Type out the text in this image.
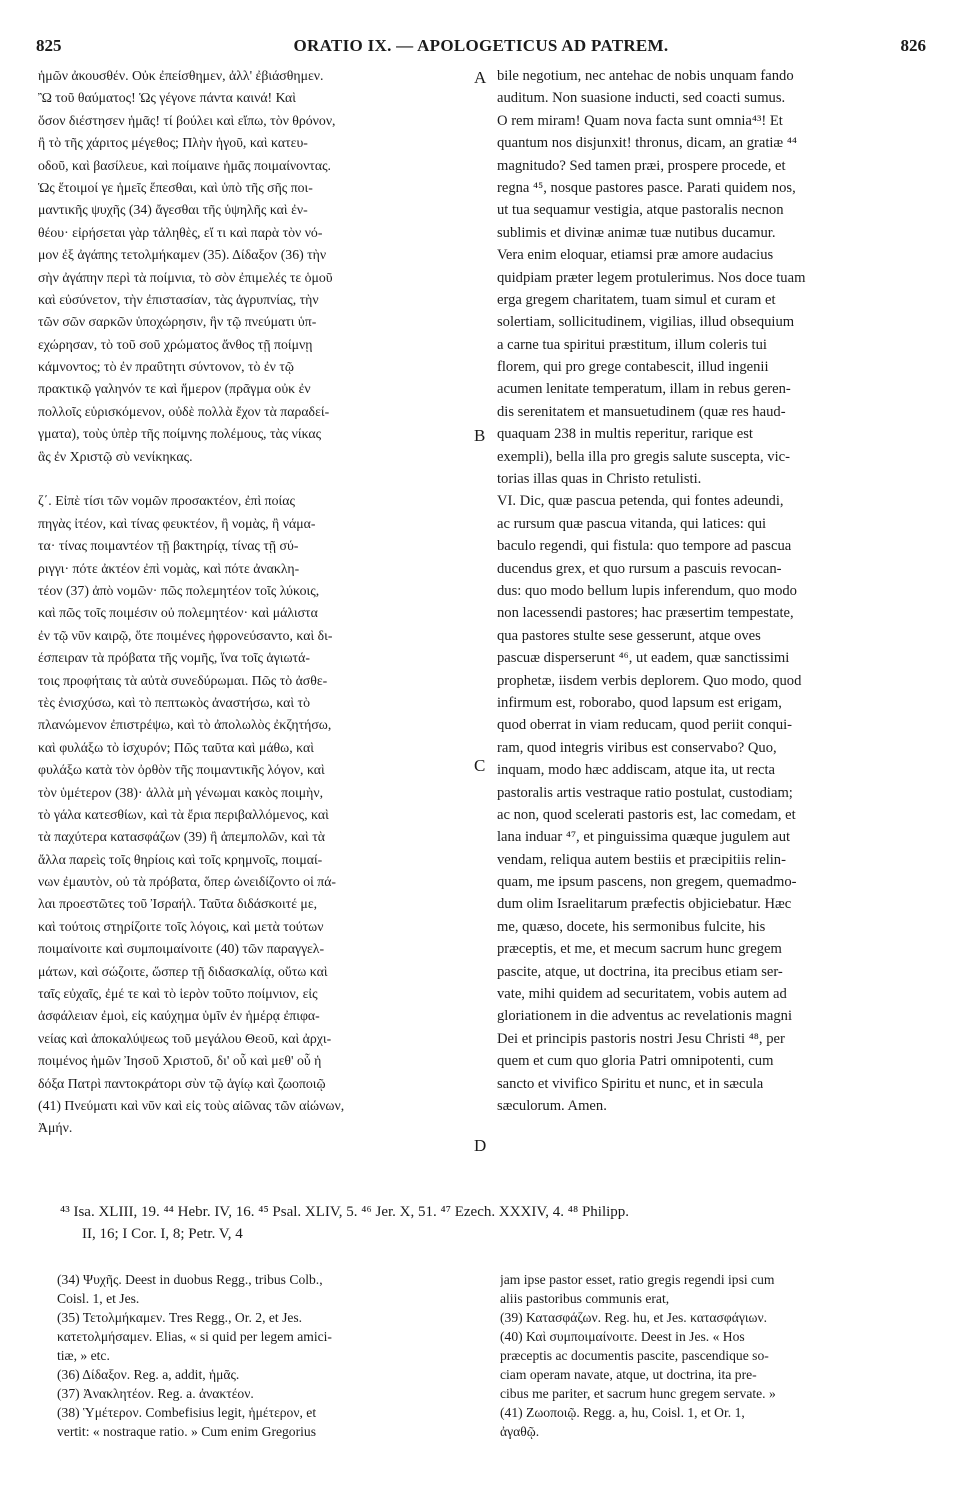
825	ORATIO IX. — APOLOGETICUS AD PATREM.	826
ἡμῶν ἀκουσθέν. Οὐκ ἐπείσθημεν, ἀλλ' ἐβιάσθημεν.
Ὢ τοῦ θαύματος! Ὡς γέγονε πάντα καινά! Καὶ
ὅσον διέστησεν ἡμᾶς! τί βούλει καὶ εἴπω, τὸν θρόνον,
ἢ τὸ τῆς χάριτος μέγεθος; Πλὴν ἡγοῦ, καὶ κατευ-
οδοῦ, καὶ βασίλευε, καὶ ποίμαινε ἡμᾶς ποιμαίνοντας.
Ὡς ἕτοιμοί γε ἡμεῖς ἕπεσθαι, καὶ ὑπὸ τῆς σῆς ποι-
μαντικῆς ψυχῆς (34) ἄγεσθαι τῆς ὑψηλῆς καὶ ἐν-
θέου· εἰρήσεται γὰρ τἀληθὲς, εἴ τι καὶ παρὰ τὸν νό-
μον ἐξ ἀγάπης τετολμήκαμεν (35). Δίδαξον (36) τὴν
σὴν ἀγάπην περὶ τὰ ποίμνια, τὸ σὸν ἐπιμελές τε ὁμοῦ
καὶ εὐσύνετον, τὴν ἐπιστασίαν, τὰς ἀγρυπνίας, τὴν
τῶν σῶν σαρκῶν ὑποχώρησιν, ἣν τῷ πνεύματι ὑπ-
εχώρησαν, τὸ τοῦ σοῦ χρώματος ἄνθος τῇ ποίμνῃ
κάμνοντος; τὸ ἐν πραΰτητι σύντονον, τὸ ἐν τῷ
πρακτικῷ γαληνόν τε καὶ ἥμερον (πρᾶγμα οὐκ ἐν
πολλοῖς εὑρισκόμενον, οὐδὲ πολλὰ ἔχον τὰ παραδεί-
γματα), τοὺς ὑπὲρ τῆς ποίμνης πολέμους, τὰς νίκας
ἃς ἐν Χριστῷ σὺ νενίκηκας.
ζ΄. Εἰπὲ τίσι τῶν νομῶν προσακτέον, ἐπὶ ποίας
πηγὰς ἰτέον, καὶ τίνας φευκτέον, ἢ νομὰς, ἢ νάμα-
τα· τίνας ποιμαντέον τῇ βακτηρίᾳ, τίνας τῇ σύ-
ριγγι· πότε ἀκτέον ἐπὶ νομὰς, καὶ πότε ἀνακλη-
τέον (37) ἀπὸ νομῶν· πῶς πολεμητέον τοῖς λύκοις,
καὶ πῶς τοῖς ποιμέσιν οὐ πολεμητέον· καὶ μάλιστα
ἐν τῷ νῦν καιρῷ, ὅτε ποιμένες ἠφρονεύσαντο, καὶ δι-
έσπειραν τὰ πρόβατα τῆς νομῆς, ἵνα τοῖς ἁγιωτά-
τοις προφήταις τὰ αὐτὰ συνεδύρωμαι. Πῶς τὸ ἀσθε-
τὲς ἐνισχύσω, καὶ τὸ πεπτωκὸς ἀναστήσω, καὶ τὸ
πλανώμενον ἐπιστρέψω, καὶ τὸ ἀπολωλὸς ἐκζητήσω,
καὶ φυλάξω τὸ ἰσχυρόν; Πῶς ταῦτα καὶ μάθω, καὶ
φυλάξω κατὰ τὸν ὀρθὸν τῆς ποιμαντικῆς λόγον, καὶ
τὸν ὑμέτερον (38)· ἀλλὰ μὴ γένωμαι κακὸς ποιμὴν,
τὸ γάλα κατεσθίων, καὶ τὰ ἔρια περιβαλλόμενος, καὶ
τὰ παχύτερα κατασφάζων (39) ἢ ἀπεμπολῶν, καὶ τὰ
ἄλλα παρεὶς τοῖς θηρίοις καὶ τοῖς κρημνοῖς, ποιμαί-
νων ἐμαυτὸν, οὐ τὰ πρόβατα, ὅπερ ὠνειδίζοντο οἱ πά-
λαι προεστῶτες τοῦ Ἰσραήλ. Ταῦτα διδάσκοιτέ με,
καὶ τούτοις στηρίζοιτε τοῖς λόγοις, καὶ μετὰ τούτων
ποιμαίνοιτε καὶ συμποιμαίνοιτε (40) τῶν παραγγελ-
μάτων, καὶ σώζοιτε, ὥσπερ τῇ διδασκαλίᾳ, οὕτω καὶ
ταῖς εὐχαῖς, ἐμέ τε καὶ τὸ ἱερὸν τοῦτο ποίμνιον, εἰς
ἀσφάλειαν ἐμοὶ, εἰς καύχημα ὑμῖν ἐν ἡμέρᾳ ἐπιφα-
νείας καὶ ἀποκαλύψεως τοῦ μεγάλου Θεοῦ, καὶ ἀρχι-
ποιμένος ἡμῶν Ἰησοῦ Χριστοῦ, δι' οὗ καὶ μεθ' οὗ ἡ
δόξα Πατρὶ παντοκράτορι σὺν τῷ ἁγίῳ καὶ ζωοποιῷ
(41) Πνεύματι καὶ νῦν καὶ εἰς τοὺς αἰῶνας τῶν αἰώνων,
Ἀμήν.
bile negotium, nec antehac de nobis unquam fando
auditum. Non suasione inducti, sed coacti sumus.
O rem miram! Quam nova facta sunt omnia⁴³! Et
quantum nos disjunxit! thronus, dicam, an gratiæ ⁴⁴
magnitudo? Sed tamen præi, prospere procede, et
regna ⁴⁵, nosque pastores pasce. Parati quidem nos,
ut tua sequamur vestigia, atque pastoralis necnon
sublimis et divinæ animæ tuæ nutibus ducamur.
Vera enim eloquar, etiamsi præ amore audacius
quidpiam præter legem protulerimus. Nos doce tuam
erga gregem charitatem, tuam simul et curam et
solertiam, sollicitudinem, vigilias, illud obsequium
a carne tua spiritui præstitum, illum coleris tui
florem, qui pro grege contabescit, illud ingenii
acumen lenitate temperatum, illam in rebus geren-
dis serenitatem et mansuetudinem (quæ res haud-
quaquam 238 in multis reperitur, rarique est
exempli), bella illa pro gregis salute suscepta, vic-
torias illas quas in Christo retulisti.
VI. Dic, quæ pascua petenda, qui fontes adeundi,
ac rursum quæ pascua vitanda, qui latices: qui
baculo regendi, qui fistula: quo tempore ad pascua
ducendus grex, et quo rursum a pascuis revocan-
dus: quo modo bellum lupis inferendum, quo modo
non lacessendi pastores; hac præsertim tempestate,
qua pastores stulte sese gesserunt, atque oves
pascuæ disperserunt ⁴⁶, ut eadem, quæ sanctissimi
prophetæ, iisdem verbis deplorem. Quo modo, quod
infirmum est, roborabo, quod lapsum est erigam,
quod oberrat in viam reducam, quod periit conqui-
ram, quod integris viribus est conservabo? Quo,
inquam, modo hæc addiscam, atque ita, ut recta
pastoralis artis vestraque ratio postulat, custodiam;
ac non, quod scelerati pastoris est, lac comedam, et
lana induar ⁴⁷, et pinguissima quæque jugulem aut
vendam, reliqua autem bestiis et præcipitiis relin-
quam, me ipsum pascens, non gregem, quemadmo-
dum olim Israelitarum præfectis objiciebatur. Hæc
me, quæso, docete, his sermonibus fulcite, his
præceptis, et me, et mecum sacrum hunc gregem
pascite, atque, ut doctrina, ita precibus etiam ser-
vate, mihi quidem ad securitatem, vobis autem ad
gloriationem in die adventus ac revelationis magni
Dei et principis pastoris nostri Jesu Christi ⁴⁸, per
quem et cum quo gloria Patri omnipotenti, cum
sancto et vivifico Spiritu et nunc, et in sæcula
sæculorum. Amen.
A
B
C
D
⁴³ Isa. XLIII, 19. ⁴⁴ Hebr. IV, 16. ⁴⁵ Psal. XLIV, 5. ⁴⁶ Jer. X, 51. ⁴⁷ Ezech. XXXIV, 4. ⁴⁸ Philipp.
II, 16; I Cor. I, 8; Petr. V, 4
(34) Ψυχῆς. Deest in duobus Regg., tribus Colb.,
Coisl. 1, et Jes.
(35) Τετολμήκαμεν. Tres Regg., Or. 2, et Jes.
κατετολμήσαμεν. Elias, « si quid per legem amici-
tiæ, » etc.
(36) Δίδαξον. Reg. a, addit, ἡμᾶς.
(37) Ἀνακλητέον. Reg. a. ἀνακτέον.
(38) Ὑμέτερον. Combefisius legit, ἡμέτερον, et
vertit: « nostraque ratio. » Cum enim Gregorius
jam ipse pastor esset, ratio gregis regendi ipsi cum
aliis pastoribus communis erat,
(39) Κατασφάζων. Reg. hu, et Jes. κατασφάγιων.
(40) Καὶ συμποιμαίνοιτε. Deest in Jes. « Hos
præceptis ac documentis pascite, pascendique so-
ciam operam navate, atque, ut doctrina, ita pre-
cibus me pariter, et sacrum hunc gregem servate. »
(41) Ζωοποιῷ. Regg. a, hu, Coisl. 1, et Or. 1,
ἀγαθῷ.
